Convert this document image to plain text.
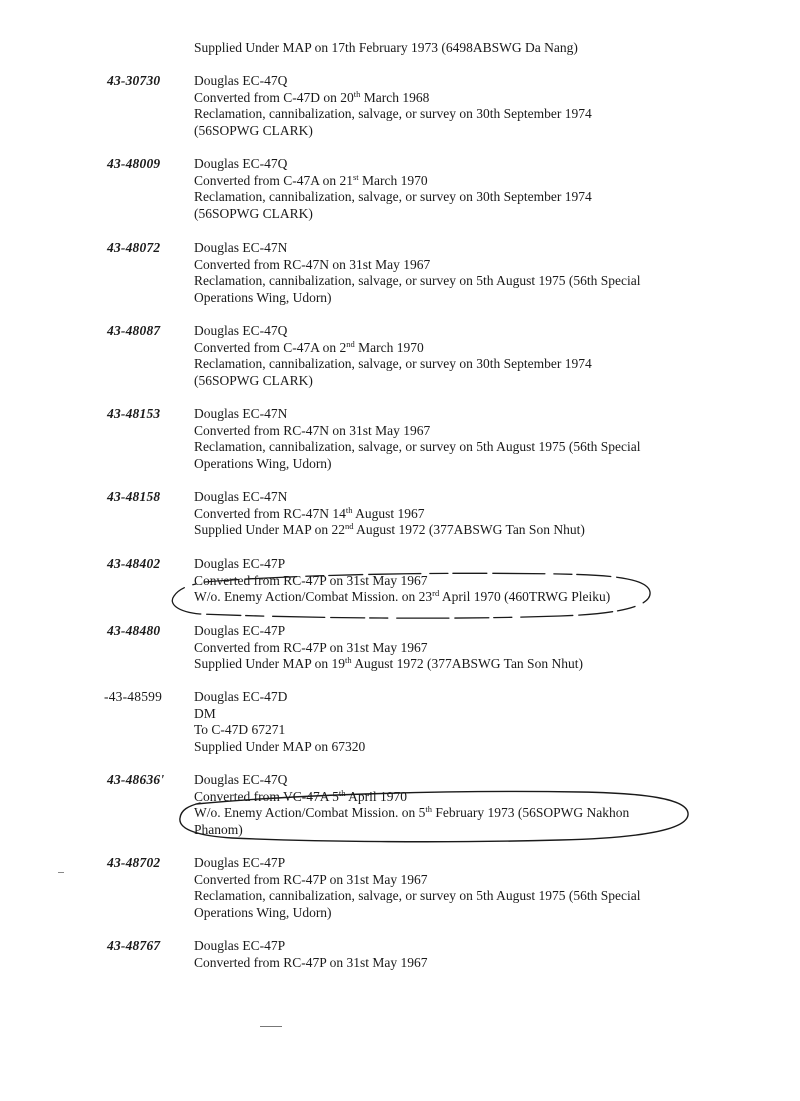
Supplied Under MAP on 17th February 1973 (6498ABSWG Da Nang)
43-30730 Douglas EC-47Q
Converted from C-47D on 20th March 1968
Reclamation, cannibalization, salvage, or survey on 30th September 1974
(56SOPWG CLARK)
43-48009 Douglas EC-47Q
Converted from C-47A on 21st March 1970
Reclamation, cannibalization, salvage, or survey on 30th September 1974
(56SOPWG CLARK)
43-48072 Douglas EC-47N
Converted from RC-47N on 31st May 1967
Reclamation, cannibalization, salvage, or survey on 5th August 1975 (56th Special
Operations Wing, Udorn)
43-48087 Douglas EC-47Q
Converted from C-47A on 2nd March 1970
Reclamation, cannibalization, salvage, or survey on 30th September 1974
(56SOPWG CLARK)
43-48153 Douglas EC-47N
Converted from RC-47N on 31st May 1967
Reclamation, cannibalization, salvage, or survey on 5th August 1975 (56th Special
Operations Wing, Udorn)
43-48158 Douglas EC-47N
Converted from RC-47N 14th August 1967
Supplied Under MAP on 22nd August 1972 (377ABSWG Tan Son Nhut)
43-48402 Douglas EC-47P
Converted from RC-47P on 31st May 1967
W/o. Enemy Action/Combat Mission. on 23rd April 1970 (460TRWG Pleiku)
43-48480 Douglas EC-47P
Converted from RC-47P on 31st May 1967
Supplied Under MAP on 19th August 1972 (377ABSWG Tan Son Nhut)
-43-48599 Douglas EC-47D
DM
To C-47D 67271
Supplied Under MAP on 67320
43-48636' Douglas EC-47Q
Converted from VC-47A 5th April 1970
W/o. Enemy Action/Combat Mission. on 5th February 1973 (56SOPWG Nakhon
Phanom)
43-48702 Douglas EC-47P
Converted from RC-47P on 31st May 1967
Reclamation, cannibalization, salvage, or survey on 5th August 1975 (56th Special
Operations Wing, Udorn)
43-48767 Douglas EC-47P
Converted from RC-47P on 31st May 1967
